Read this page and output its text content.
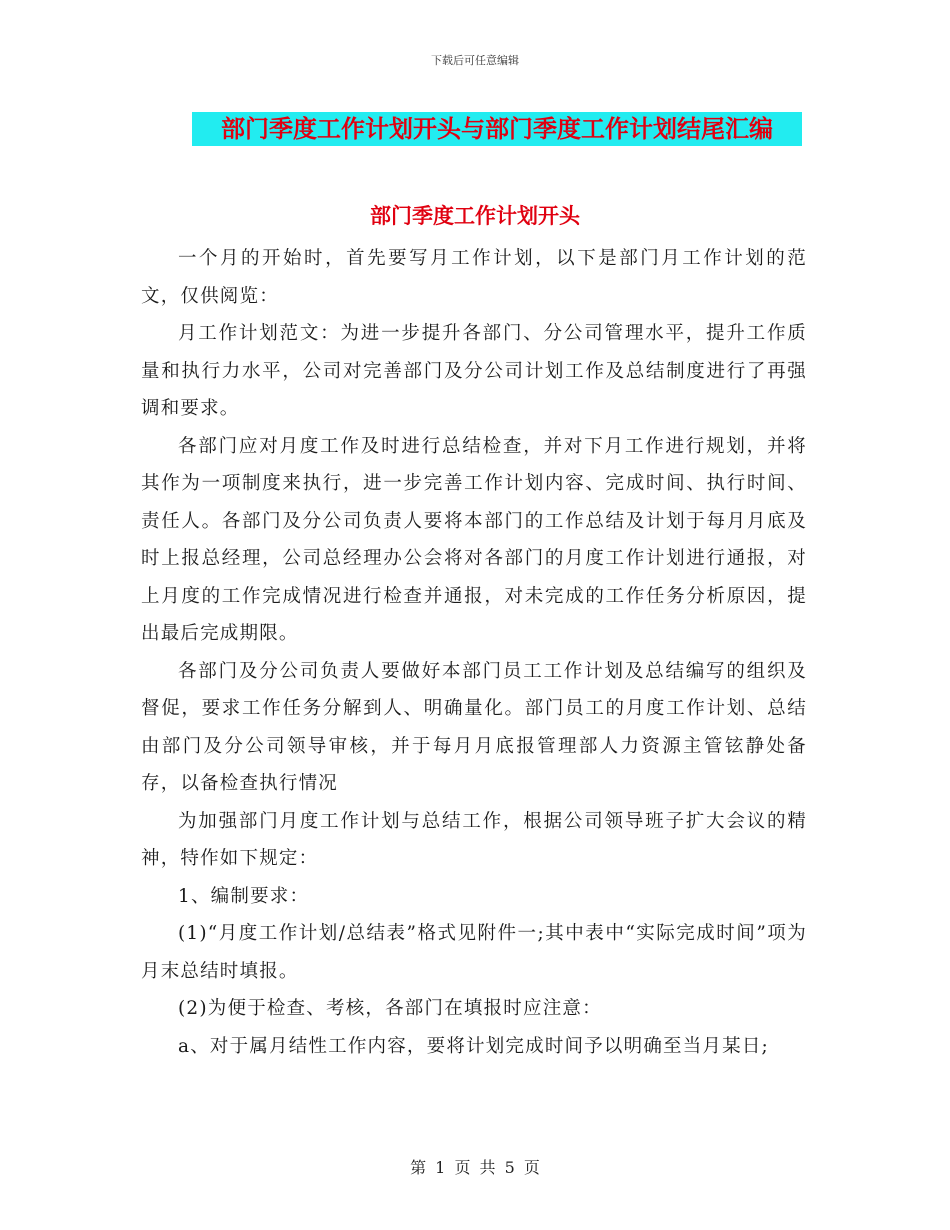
下载后可任意编辑
部门季度工作计划开头与部门季度工作计划结尾汇编
部门季度工作计划开头

一个月的开始时，首先要写月工作计划，以下是部门月工作计划的范文，仅供阅览：

月工作计划范文：为进一步提升各部门、分公司管理水平，提升工作质量和执行力水平，公司对完善部门及分公司计划工作及总结制度进行了再强调和要求。

各部门应对月度工作及时进行总结检查，并对下月工作进行规划，并将其作为一项制度来执行，进一步完善工作计划内容、完成时间、执行时间、责任人。各部门及分公司负责人要将本部门的工作总结及计划于每月月底及时上报总经理，公司总经理办公会将对各部门的月度工作计划进行通报，对上月度的工作完成情况进行检查并通报，对未完成的工作任务分析原因，提出最后完成期限。

各部门及分公司负责人要做好本部门员工工作计划及总结编写的组织及督促，要求工作任务分解到人、明确量化。部门员工的月度工作计划、总结由部门及分公司领导审核，并于每月月底报管理部人力资源主管铉静处备存，以备检查执行情况

为加强部门月度工作计划与总结工作，根据公司领导班子扩大会议的精神，特作如下规定：

1、编制要求：

(1)“月度工作计划/总结表”格式见附件一;其中表中“实际完成时间”项为月末总结时填报。

(2)为便于检查、考核，各部门在填报时应注意：

a、对于属月结性工作内容，要将计划完成时间予以明确至当月某日;

第 1 页 共 5 页
